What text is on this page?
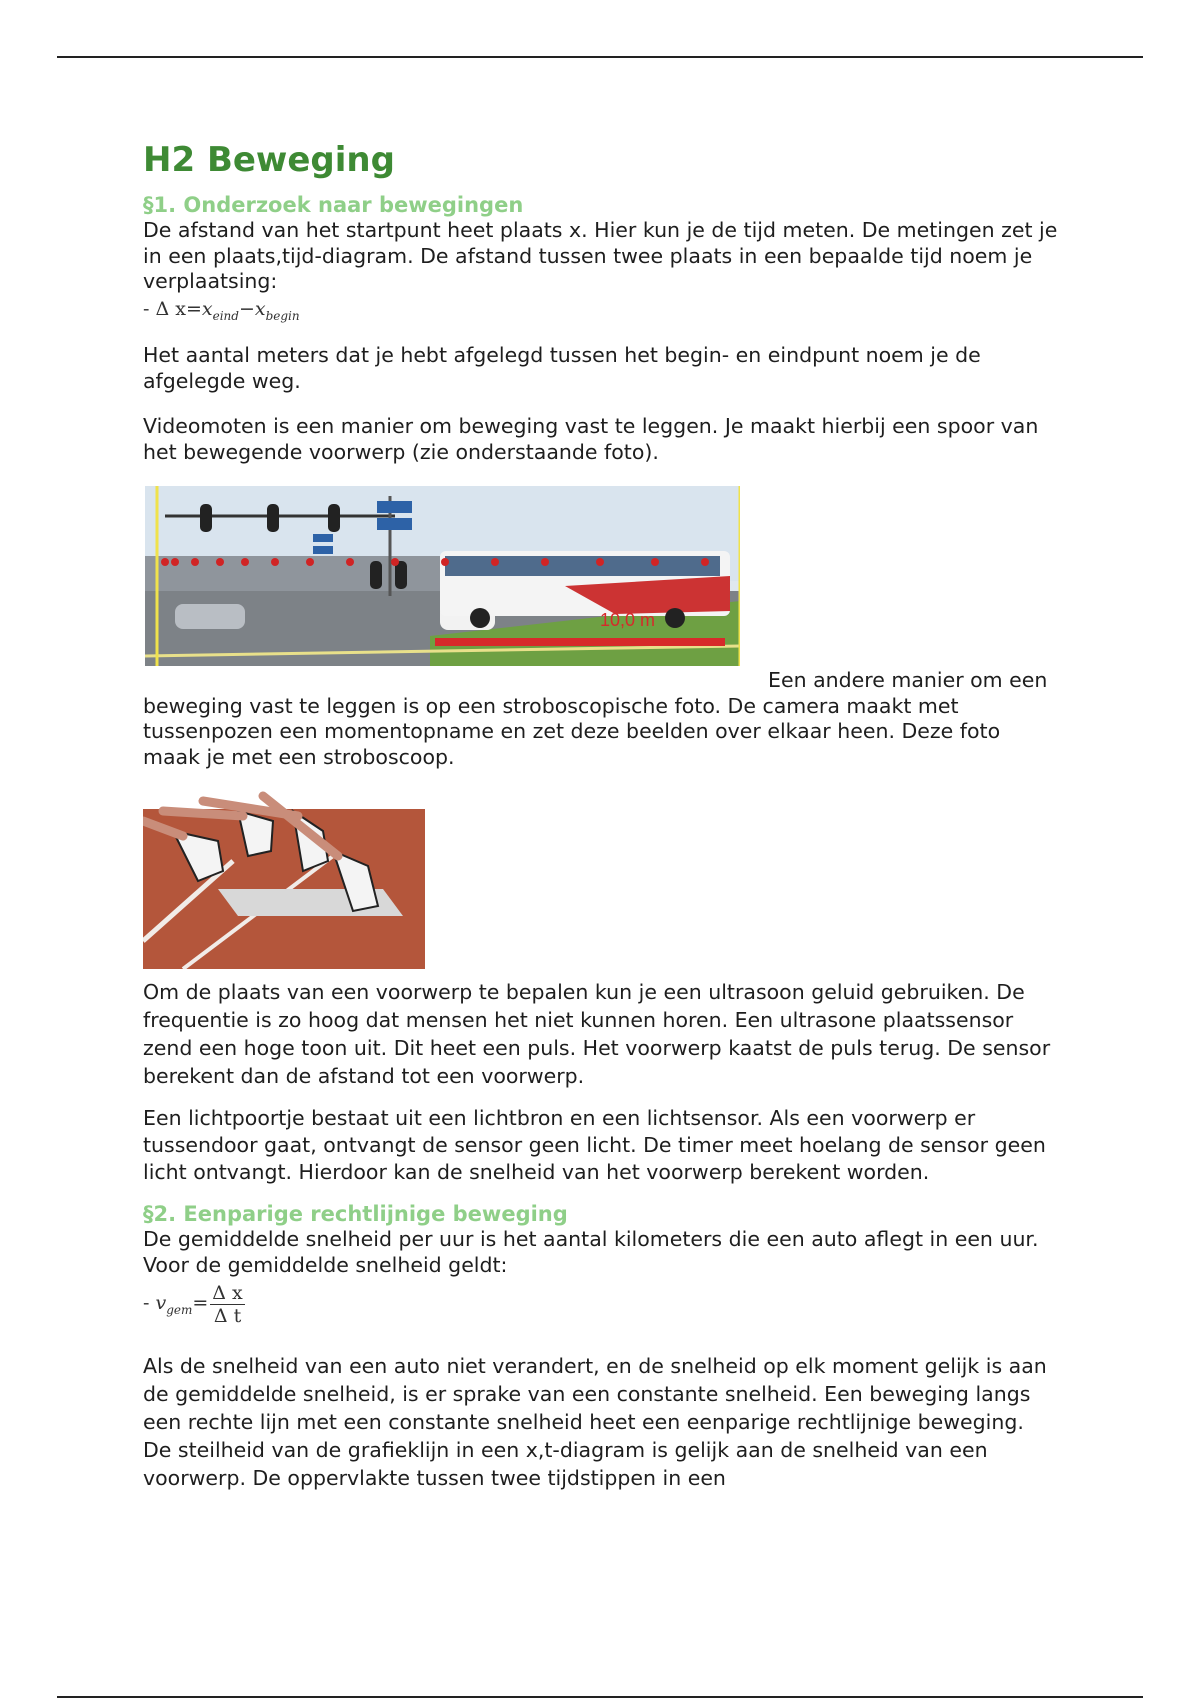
H2 Beweging
§1. Onderzoek naar bewegingen

De afstand van het startpunt heet plaats x. Hier kun je de tijd meten. De metingen zet je in een plaats,tijd-diagram. De afstand tussen twee plaats in een bepaalde tijd noem je verplaatsing:

- Δ $x=x_{eind}-x_{begin}$

Het aantal meters dat je hebt afgelegd tussen het begin- en eindpunt noem je de afgelegde weg.

Videomoten is een manier om beweging vast te leggen. Je maakt hierbij een spoor van het bewegende voorwerp (zie onderstaande foto).

10,0 m

Een andere manier om een beweging vast te leggen is op een stroboscopische foto. De camera maakt met tussenpozen een momentopname en zet deze beelden over elkaar heen. Deze foto maak je met een stroboscoop.

Om de plaats van een voorwerp te bepalen kun je een ultrasoon geluid gebruiken. De frequentie is zo hoog dat mensen het niet kunnen horen. Een ultrasone plaatssensor zend een hoge toon uit. Dit heet een puls. Het voorwerp kaatst de puls terug. De sensor berekent dan de afstand tot een voorwerp.

Een lichtpoortje bestaat uit een lichtbron en een lichtsensor. Als een voorwerp er tussendoor gaat, ontvangt de sensor geen licht. De timer meet hoelang de sensor geen licht ontvangt. Hierdoor kan de snelheid van het voorwerp berekent worden.

§2. Eenparige rechtlijnige beweging

De gemiddelde snelheid per uur is het aantal kilometers die een auto aflegt in een uur. Voor de gemiddelde snelheid geldt:

- $v_{gem}= \frac{\text{Δ x}}{\text{Δ t}}$

Als de snelheid van een auto niet verandert, en de snelheid op elk moment gelijk is aan de gemiddelde snelheid, is er sprake van een constante snelheid. Een beweging langs een rechte lijn met een constante snelheid heet een eenparige rechtlijnige beweging. De steilheid van de grafieklijn in een x,t-diagram is gelijk aan de snelheid van een voorwerp. De oppervlakte tussen twee tijdstippen in een
